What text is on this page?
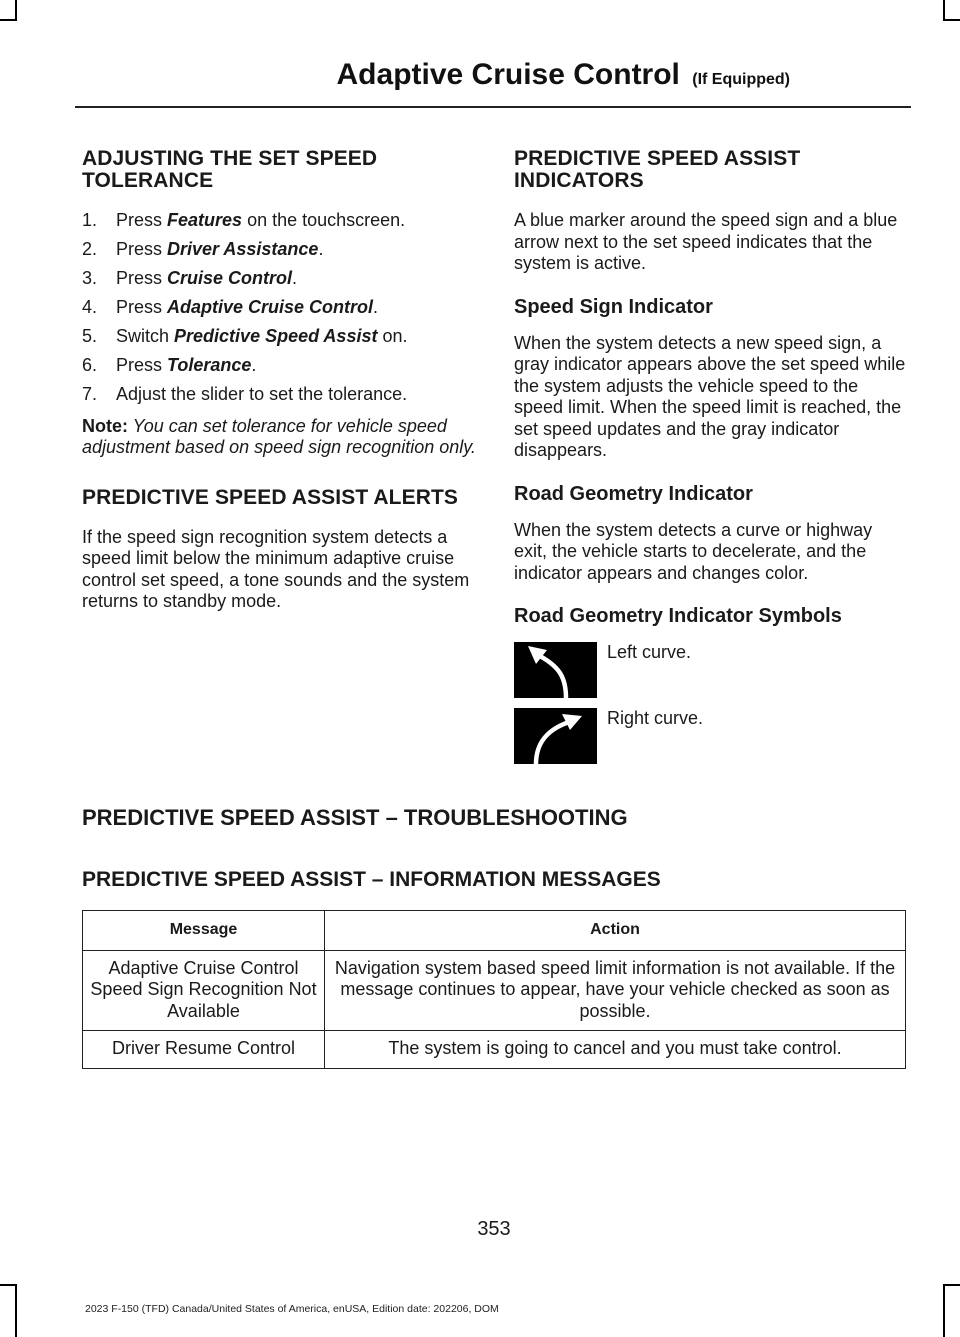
Adaptive Cruise Control (If Equipped)
ADJUSTING THE SET SPEED TOLERANCE
1.	Press Features on the touchscreen.
2.	Press Driver Assistance.
3.	Press Cruise Control.
4.	Press Adaptive Cruise Control.
5.	Switch Predictive Speed Assist on.
6.	Press Tolerance.
7.	Adjust the slider to set the tolerance.

Note: You can set tolerance for vehicle speed adjustment based on speed sign recognition only.

PREDICTIVE SPEED ASSIST ALERTS

If the speed sign recognition system detects a speed limit below the minimum adaptive cruise control set speed, a tone sounds and the system returns to standby mode.

PREDICTIVE SPEED ASSIST INDICATORS

A blue marker around the speed sign and a blue arrow next to the set speed indicates that the system is active.

Speed Sign Indicator

When the system detects a new speed sign, a gray indicator appears above the set speed while the system adjusts the vehicle speed to the speed limit. When the speed limit is reached, the set speed updates and the gray indicator disappears.

Road Geometry Indicator

When the system detects a curve or highway exit, the vehicle starts to decelerate, and the indicator appears and changes color.

Road Geometry Indicator Symbols
Left curve.
Right curve.
PREDICTIVE SPEED ASSIST – TROUBLESHOOTING
PREDICTIVE SPEED ASSIST – INFORMATION MESSAGES
Message	Action
Adaptive Cruise Control Speed Sign Recognition Not Available	Navigation system based speed limit information is not available. If the message continues to appear, have your vehicle checked as soon as possible.
Driver Resume Control	The system is going to cancel and you must take control.
353
2023 F-150 (TFD) Canada/United States of America, enUSA, Edition date: 202206, DOM
